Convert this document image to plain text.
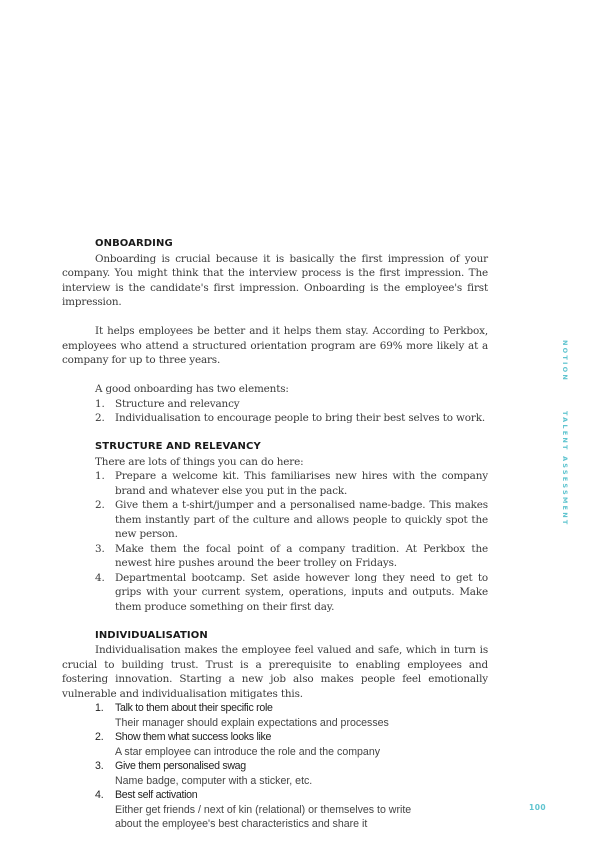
ONBOARDING

Onboarding is crucial because it is basically the first impression of your company. You might think that the interview process is the first impression. The interview is the candidate's first impression. Onboarding is the employee's first impression.

It helps employees be better and it helps them stay. According to Perkbox, employees who attend a structured orientation program are 69% more likely at a company for up to three years.

A good onboarding has two elements:

1. Structure and relevancy
2. Individualisation to encourage people to bring their best selves to work.
STRUCTURE AND RELEVANCY

There are lots of things you can do here:

1. Prepare a welcome kit. This familiarises new hires with the company brand and whatever else you put in the pack.
2. Give them a t-shirt/jumper and a personalised name-badge. This makes them instantly part of the culture and allows people to quickly spot the new person.
3. Make them the focal point of a company tradition. At Perkbox the newest hire pushes around the beer trolley on Fridays.
4. Departmental bootcamp. Set aside however long they need to get to grips with your current system, operations, inputs and outputs. Make them produce something on their first day.
INDIVIDUALISATION

Individualisation makes the employee feel valued and safe, which in turn is crucial to building trust. Trust is a prerequisite to enabling employees and fostering innovation. Starting a new job also makes people feel emotionally vulnerable and individualisation mitigates this.

1. Talk to them about their specific role
Their manager should explain expectations and processes
2. Show them what success looks like
A star employee can introduce the role and the company
3. Give them personalised swag
Name badge, computer with a sticker, etc.
4. Best self activation
Either get friends / next of kin (relational) or themselves to write
about the employee's best characteristics and share it
NOTION
TALENT ASSESSMENT
100
